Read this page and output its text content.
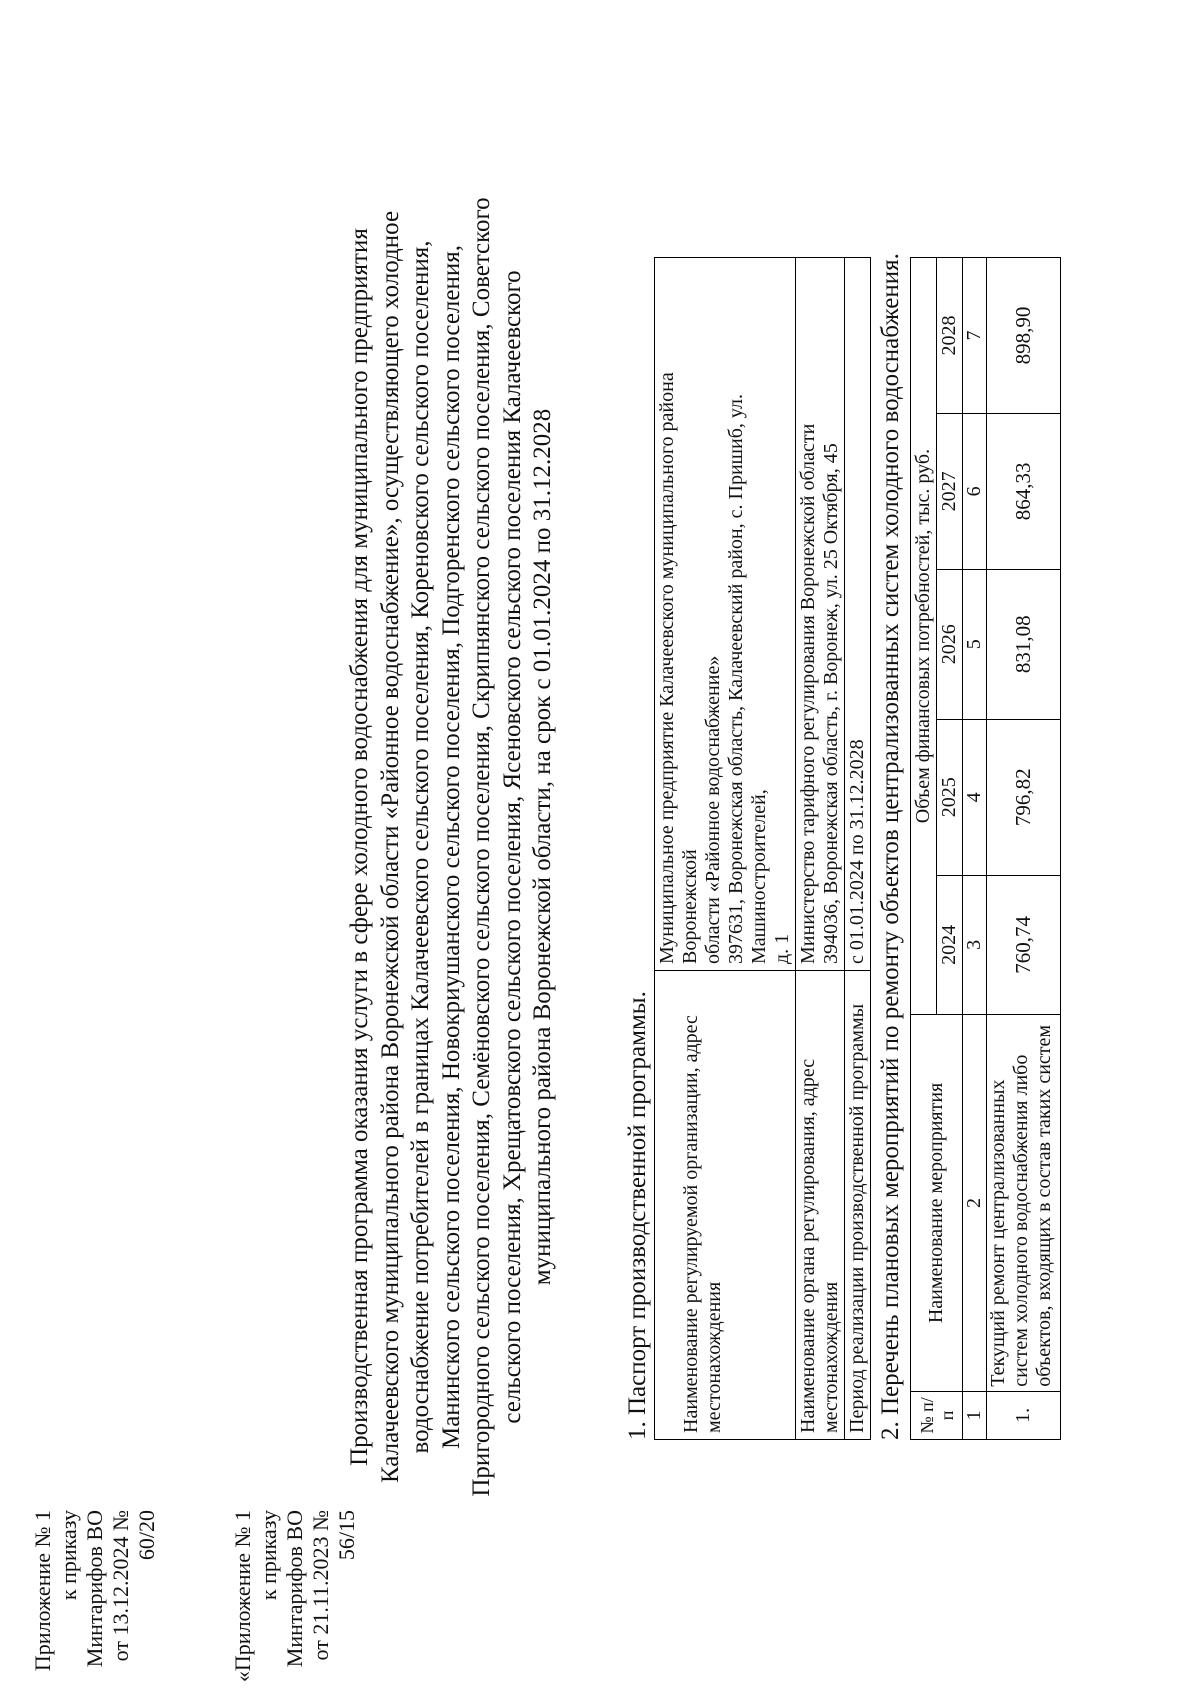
Приложение № 1 к приказу Минтарифов ВО от 13.12.2024 № 60/20	«Приложение № 1 к приказу Минтарифов ВО от 21.11.2023 № 56/15
Производственная программа оказания услуги в сфере холодного водоснабжения для муниципального предприятия Калачеевского муниципального района Воронежской области «Районное водоснабжение», осуществляющего холодное водоснабжение потребителей в границах Калачеевского сельского поселения, Кореновского сельского поселения, Манинского сельского поселения, Новокриушанского сельского поселения, Подгоренского сельского поселения, Пригородного сельского поселения, Семёновского сельского поселения, Скрипнянского сельского поселения, Советского сельского поселения, Хрещатовского сельского поселения, Ясеновского сельского поселения Калачеевского муниципального района Воронежской области, на срок с 01.01.2024 по 31.12.2028	1. Паспорт производственной программы. Наименование регулируемой организации, адрес местонахождения	Муниципальное предприятие Калачеевского муниципального района Воронежской области «Районное водоснабжение» 397631, Воронежская область, Калачеевский район, с. Пришиб, ул. Машиностроителей, д. 1

Наименование органа регулирования, адрес местонахождения	Министерство тарифного регулирования Воронежской области 394036, Воронежская область, г. Воронеж, ул. 25 Октября, 45

Период реализации производственной программы	с 01.01.2024 по 31.12.2028 2. Перечень плановых мероприятий по ремонту объектов централизованных систем холодного водоснабжения. № п/п	Наименование мероприятия	Объем финансовых потребностей, тыс. руб.				
		2024	2025	2026	2027	2028
1	2	3	4	5	6	7
1.	Текущий ремонт централизованных систем холодного водоснабжения либо объектов, входящих в состав таких систем	760,74	796,82	831,08	864,33	898,90
